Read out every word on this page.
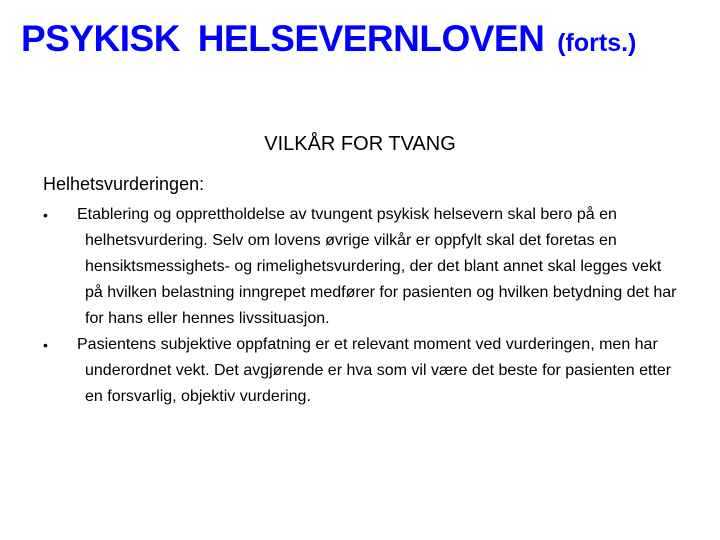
PSYKISK HELSEVERNLOVEN (forts.)
VILKÅR FOR TVANG
Helhetsvurderingen:
•	Etablering og opprettholdelse av tvungent psykisk helsevern skal bero på en helhetsvurdering. Selv om lovens øvrige vilkår er oppfylt skal det foretas en hensiktsmessighets- og rimelighetsvurdering, der det blant annet skal legges vekt på hvilken belastning inngrepet medfører for pasienten og hvilken betydning det har for hans eller hennes livssituasjon.
•	Pasientens subjektive oppfatning er et relevant moment ved vurderingen, men har underordnet vekt. Det avgjørende er hva som vil være det beste for pasienten etter en forsvarlig, objektiv vurdering.
